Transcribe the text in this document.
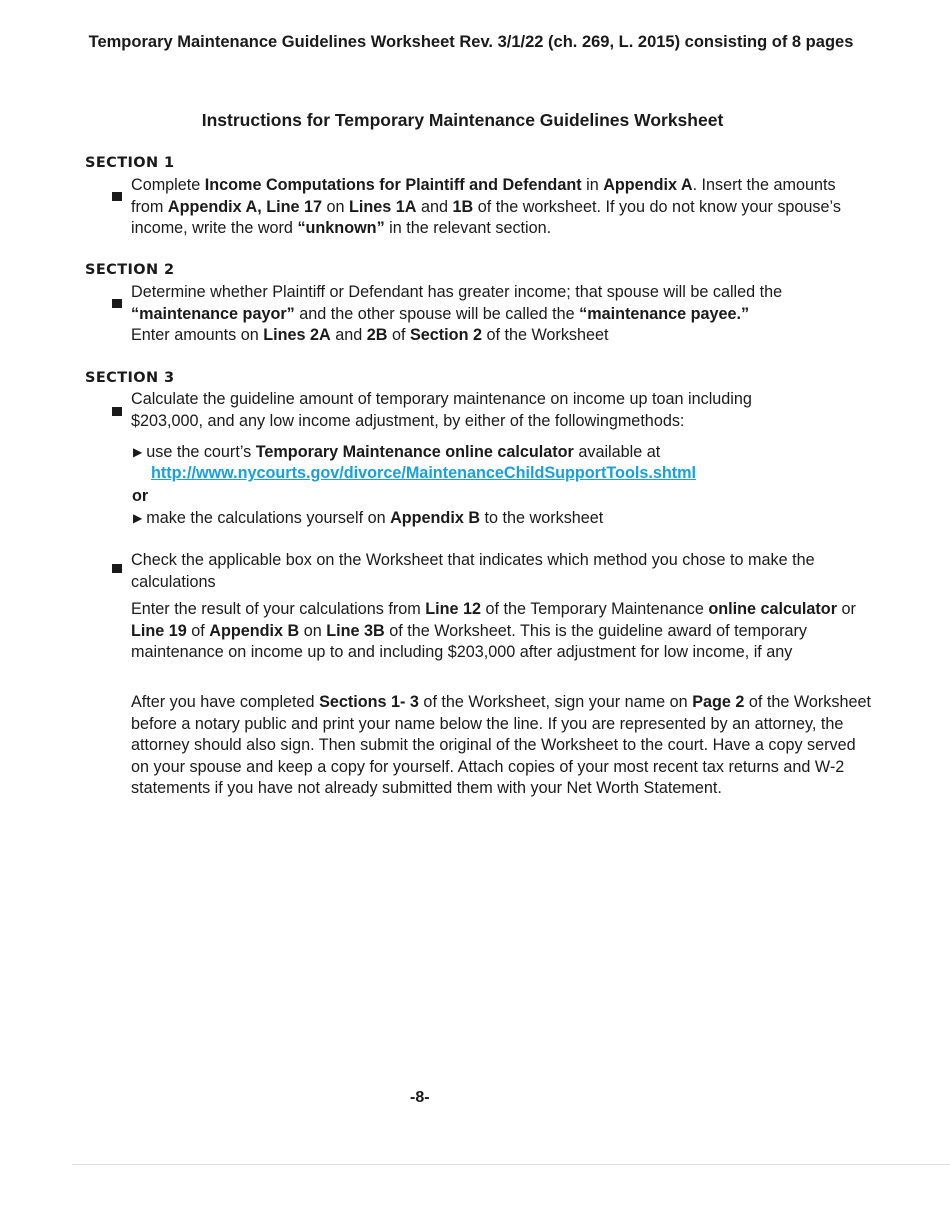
Temporary Maintenance Guidelines Worksheet Rev. 3/1/22 (ch. 269, L. 2015) consisting of 8 pages
Instructions for Temporary Maintenance Guidelines Worksheet
SECTION 1
Complete Income Computations for Plaintiff and Defendant in Appendix A. Insert the amounts from Appendix A, Line 17 on Lines 1A and 1B of the worksheet. If you do not know your spouse’s income, write the word “unknown” in the relevant section.
SECTION 2
Determine whether Plaintiff or Defendant has greater income; that spouse will be called the “maintenance payor” and the other spouse will be called the “maintenance payee.”
Enter amounts on Lines 2A and 2B of Section 2 of the Worksheet
SECTION 3
Calculate the guideline amount of temporary maintenance on income up toan including $203,000, and any low income adjustment, by either of the followingmethods:
▶ use the court’s Temporary Maintenance online calculator available at
http://www.nycourts.gov/divorce/MaintenanceChildSupportTools.shtml
or
▶ make the calculations yourself on Appendix B to the worksheet
Check the applicable box on the Worksheet that indicates which method you chose to make the calculations
Enter the result of your calculations from Line 12 of the Temporary Maintenance online calculator or Line 19 of Appendix B on Line 3B of the Worksheet. This is the guideline award of temporary maintenance on income up to and including $203,000 after adjustment for low income, if any
After you have completed Sections 1- 3 of the Worksheet, sign your name on Page 2 of the Worksheet before a notary public and print your name below the line. If you are represented by an attorney, the attorney should also sign. Then submit the original of the Worksheet to the court. Have a copy served on your spouse and keep a copy for yourself. Attach copies of your most recent tax returns and W-2 statements if you have not already submitted them with your Net Worth Statement.
-8-
